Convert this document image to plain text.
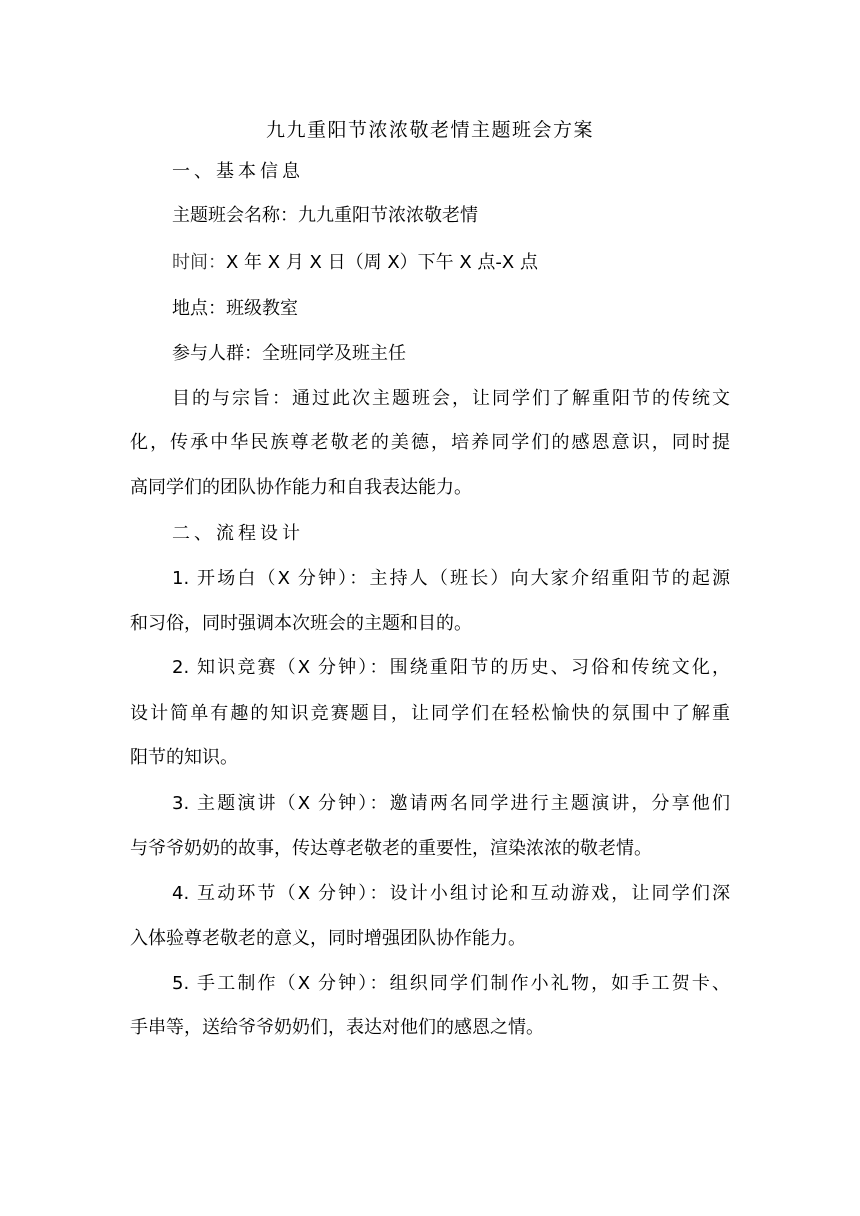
九九重阳节浓浓敬老情主题班会方案
一、基本信息
主题班会名称：九九重阳节浓浓敬老情
时间：X 年 X 月 X 日（周 X）下午 X 点-X 点
地点：班级教室
参与人群：全班同学及班主任
目的与宗旨：通过此次主题班会，让同学们了解重阳节的传统文
化，传承中华民族尊老敬老的美德，培养同学们的感恩意识，同时提
高同学们的团队协作能力和自我表达能力。
二、流程设计
1. 开场白（X 分钟）：主持人（班长）向大家介绍重阳节的起源
和习俗，同时强调本次班会的主题和目的。
2. 知识竞赛（X 分钟）：围绕重阳节的历史、习俗和传统文化，
设计简单有趣的知识竞赛题目，让同学们在轻松愉快的氛围中了解重
阳节的知识。
3. 主题演讲（X 分钟）：邀请两名同学进行主题演讲，分享他们
与爷爷奶奶的故事，传达尊老敬老的重要性，渲染浓浓的敬老情。
4. 互动环节（X 分钟）：设计小组讨论和互动游戏，让同学们深
入体验尊老敬老的意义，同时增强团队协作能力。
5. 手工制作（X 分钟）：组织同学们制作小礼物，如手工贺卡、
手串等，送给爷爷奶奶们，表达对他们的感恩之情。
